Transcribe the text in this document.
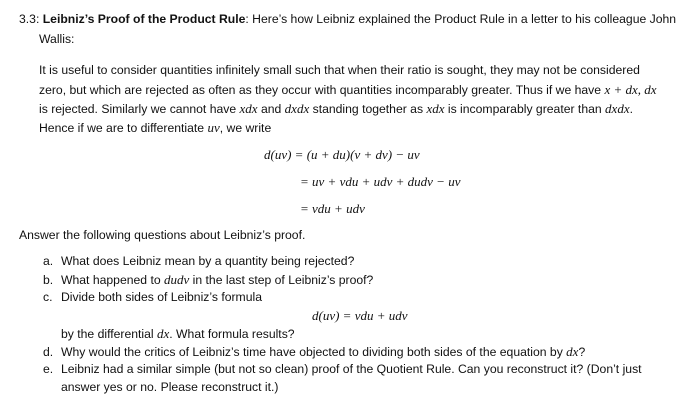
3.3: Leibniz’s Proof of the Product Rule: Here’s how Leibniz explained the Product Rule in a letter to his colleague John
Wallis:
It is useful to consider quantities infinitely small such that when their ratio is sought, they may not be considered
zero, but which are rejected as often as they occur with quantities incomparably greater. Thus if we have x + dx, dx
is rejected. Similarly we cannot have xdx and dxdx standing together as xdx is incomparably greater than dxdx.
Hence if we are to differentiate uv, we write
d(uv) = (u + du)(v + dv) − uv
= uv + vdu + udv + dudv − uv
= vdu + udv
Answer the following questions about Leibniz’s proof.
a. What does Leibniz mean by a quantity being rejected?
b. What happened to dudv in the last step of Leibniz’s proof?
c. Divide both sides of Leibniz’s formula
d(uv) = vdu + udv
by the differential dx. What formula results?
d. Why would the critics of Leibniz’s time have objected to dividing both sides of the equation by dx?
e. Leibniz had a similar simple (but not so clean) proof of the Quotient Rule. Can you reconstruct it? (Don’t just
answer yes or no. Please reconstruct it.)
